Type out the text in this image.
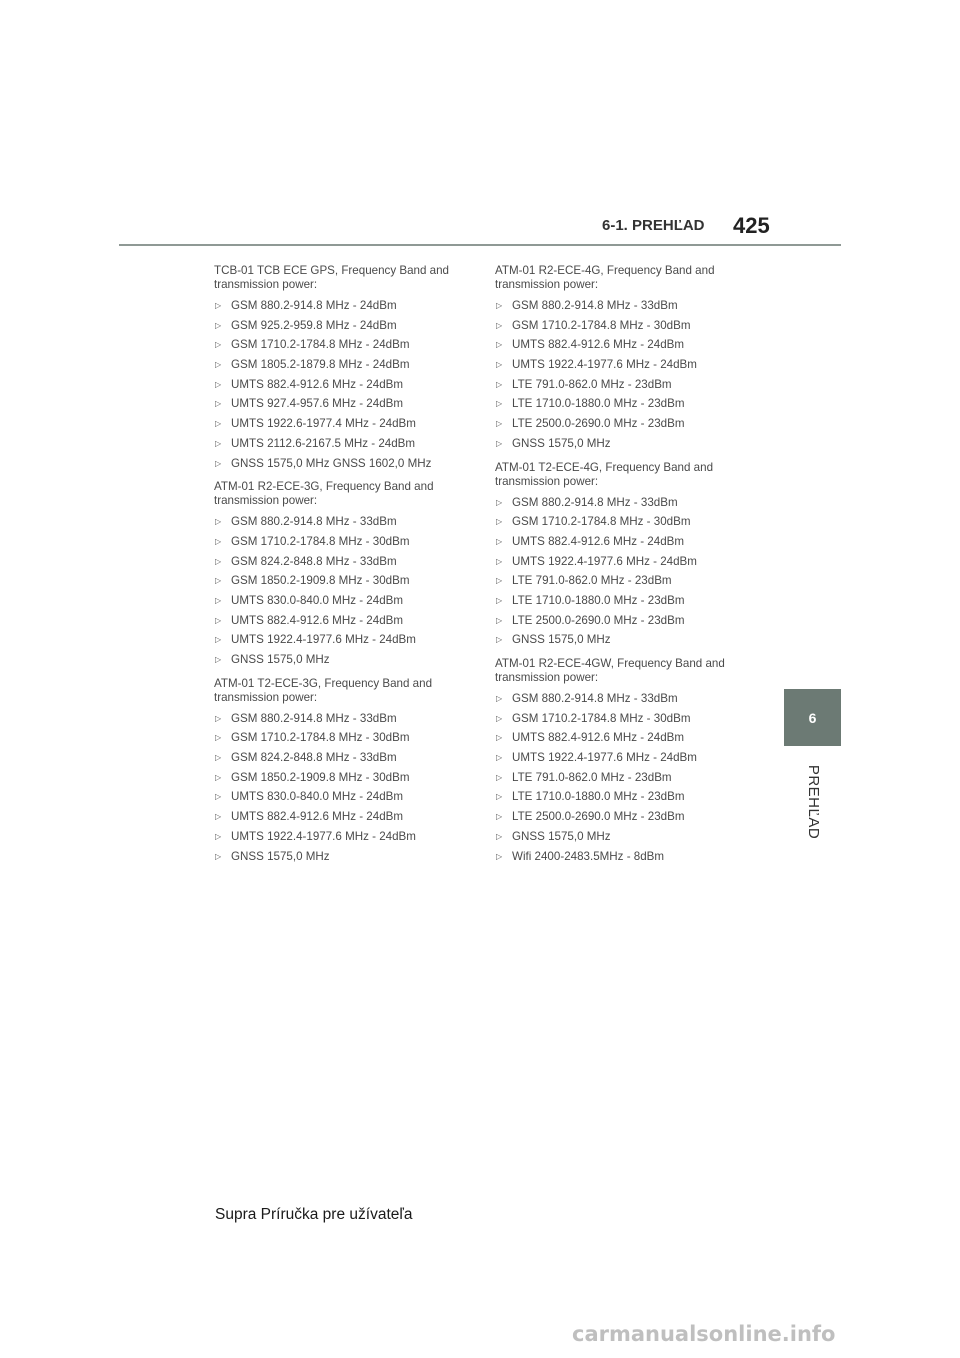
6-1. PREHĽAD 425
6
PREHĽAD

TCB-01 TCB ECE GPS, Frequency Band and transmission power:

▷ GSM 880.2-914.8 MHz - 24dBm
▷ GSM 925.2-959.8 MHz - 24dBm
▷ GSM 1710.2-1784.8 MHz - 24dBm
▷ GSM 1805.2-1879.8 MHz - 24dBm
▷ UMTS 882.4-912.6 MHz - 24dBm
▷ UMTS 927.4-957.6 MHz - 24dBm
▷ UMTS 1922.6-1977.4 MHz - 24dBm
▷ UMTS 2112.6-2167.5 MHz - 24dBm
▷ GNSS 1575,0 MHz GNSS 1602,0 MHz

ATM-01 R2-ECE-3G, Frequency Band and transmission power:

▷ GSM 880.2-914.8 MHz - 33dBm
▷ GSM 1710.2-1784.8 MHz - 30dBm
▷ GSM 824.2-848.8 MHz - 33dBm
▷ GSM 1850.2-1909.8 MHz - 30dBm
▷ UMTS 830.0-840.0 MHz - 24dBm
▷ UMTS 882.4-912.6 MHz - 24dBm
▷ UMTS 1922.4-1977.6 MHz - 24dBm
▷ GNSS 1575,0 MHz

ATM-01 T2-ECE-3G, Frequency Band and transmission power:

▷ GSM 880.2-914.8 MHz - 33dBm
▷ GSM 1710.2-1784.8 MHz - 30dBm
▷ GSM 824.2-848.8 MHz - 33dBm
▷ GSM 1850.2-1909.8 MHz - 30dBm
▷ UMTS 830.0-840.0 MHz - 24dBm
▷ UMTS 882.4-912.6 MHz - 24dBm
▷ UMTS 1922.4-1977.6 MHz - 24dBm
▷ GNSS 1575,0 MHz

ATM-01 R2-ECE-4G, Frequency Band and transmission power:

▷ GSM 880.2-914.8 MHz - 33dBm
▷ GSM 1710.2-1784.8 MHz - 30dBm
▷ UMTS 882.4-912.6 MHz - 24dBm
▷ UMTS 1922.4-1977.6 MHz - 24dBm
▷ LTE 791.0-862.0 MHz - 23dBm
▷ LTE 1710.0-1880.0 MHz - 23dBm
▷ LTE 2500.0-2690.0 MHz - 23dBm
▷ GNSS 1575,0 MHz

ATM-01 T2-ECE-4G, Frequency Band and transmission power:

▷ GSM 880.2-914.8 MHz - 33dBm
▷ GSM 1710.2-1784.8 MHz - 30dBm
▷ UMTS 882.4-912.6 MHz - 24dBm
▷ UMTS 1922.4-1977.6 MHz - 24dBm
▷ LTE 791.0-862.0 MHz - 23dBm
▷ LTE 1710.0-1880.0 MHz - 23dBm
▷ LTE 2500.0-2690.0 MHz - 23dBm
▷ GNSS 1575,0 MHz

ATM-01 R2-ECE-4GW, Frequency Band and transmission power:

▷ GSM 880.2-914.8 MHz - 33dBm
▷ GSM 1710.2-1784.8 MHz - 30dBm
▷ UMTS 882.4-912.6 MHz - 24dBm
▷ UMTS 1922.4-1977.6 MHz - 24dBm
▷ LTE 791.0-862.0 MHz - 23dBm
▷ LTE 1710.0-1880.0 MHz - 23dBm
▷ LTE 2500.0-2690.0 MHz - 23dBm
▷ GNSS 1575,0 MHz
▷ Wifi 2400-2483.5MHz - 8dBm
Supra Príručka pre užívateľa
carmanualsonline.info
